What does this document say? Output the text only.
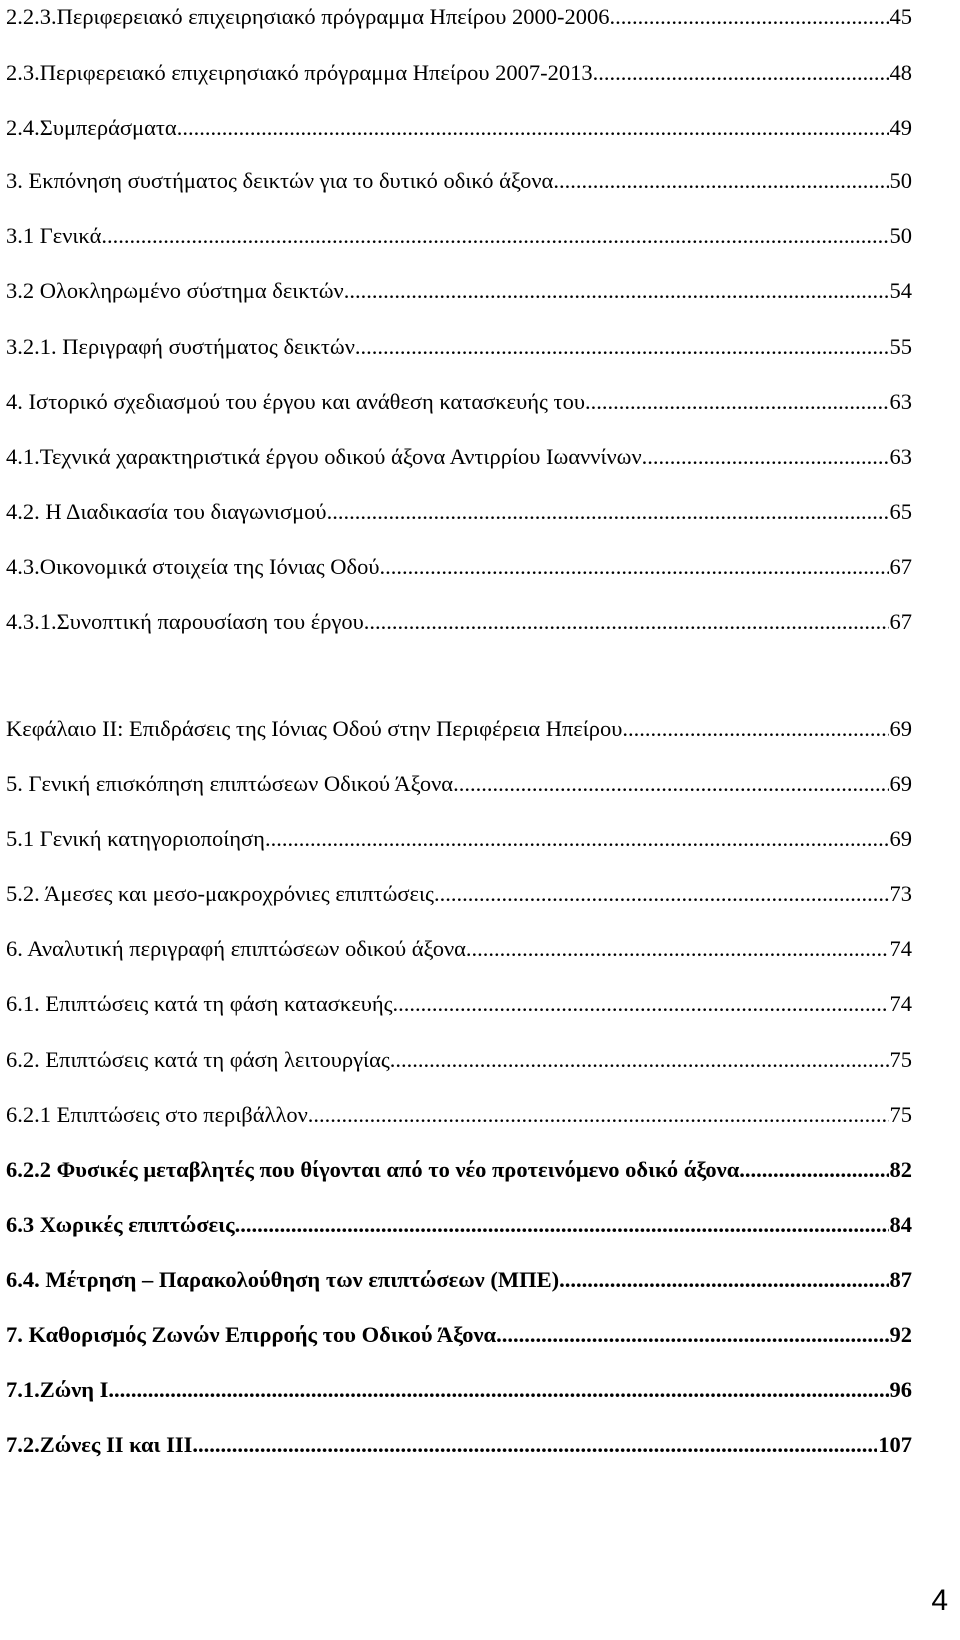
2.2.3.Περιφερειακό επιχειρησιακό πρόγραμμα Ηπείρου 2000-2006 .....	45
2.3.Περιφερειακό επιχειρησιακό πρόγραμμα Ηπείρου 2007-2013 .....	48
2.4.Συμπεράσματα .....	49
3. Εκπόνηση συστήματος δεικτών για το δυτικό οδικό άξονα .....	50
3.1 Γενικά .....	50
3.2 Ολοκληρωμένο σύστημα δεικτών .....	54
3.2.1. Περιγραφή συστήματος δεικτών .....	55
4. Ιστορικό σχεδιασμού του έργου και ανάθεση κατασκευής του .....	63
4.1.Τεχνικά χαρακτηριστικά έργου οδικού άξονα Αντιρρίου Ιωαννίνων .....	63
4.2. Η Διαδικασία του διαγωνισμού .....	65
4.3.Οικονομικά στοιχεία της Ιόνιας Οδού .....	67
4.3.1.Συνοπτική παρουσίαση του έργου .....	67
Κεφάλαιο ΙΙ: Επιδράσεις της Ιόνιας Οδού στην Περιφέρεια Ηπείρου .....	69
5. Γενική επισκόπηση επιπτώσεων Οδικού Άξονα .....	69
5.1 Γενική κατηγοριοποίηση .....	69
5.2. Άμεσες και μεσο-μακροχρόνιες επιπτώσεις .....	73
6. Αναλυτική περιγραφή επιπτώσεων οδικού άξονα .....	74
6.1. Επιπτώσεις κατά τη φάση κατασκευής .....	74
6.2. Επιπτώσεις κατά τη φάση λειτουργίας .....	75
6.2.1 Επιπτώσεις στο περιβάλλον .....	75
6.2.2 Φυσικές μεταβλητές που θίγονται από το νέο προτεινόμενο οδικό άξονα .....	82
6.3 Χωρικές επιπτώσεις .....	84
6.4. Μέτρηση – Παρακολούθηση των επιπτώσεων (ΜΠΕ) .....	87
7. Καθορισμός Ζωνών Επιρροής του Οδικού Άξονα .....	92
7.1.Ζώνη Ι .....	96
7.2.Ζώνες ΙΙ και ΙΙΙ .....	107
4
